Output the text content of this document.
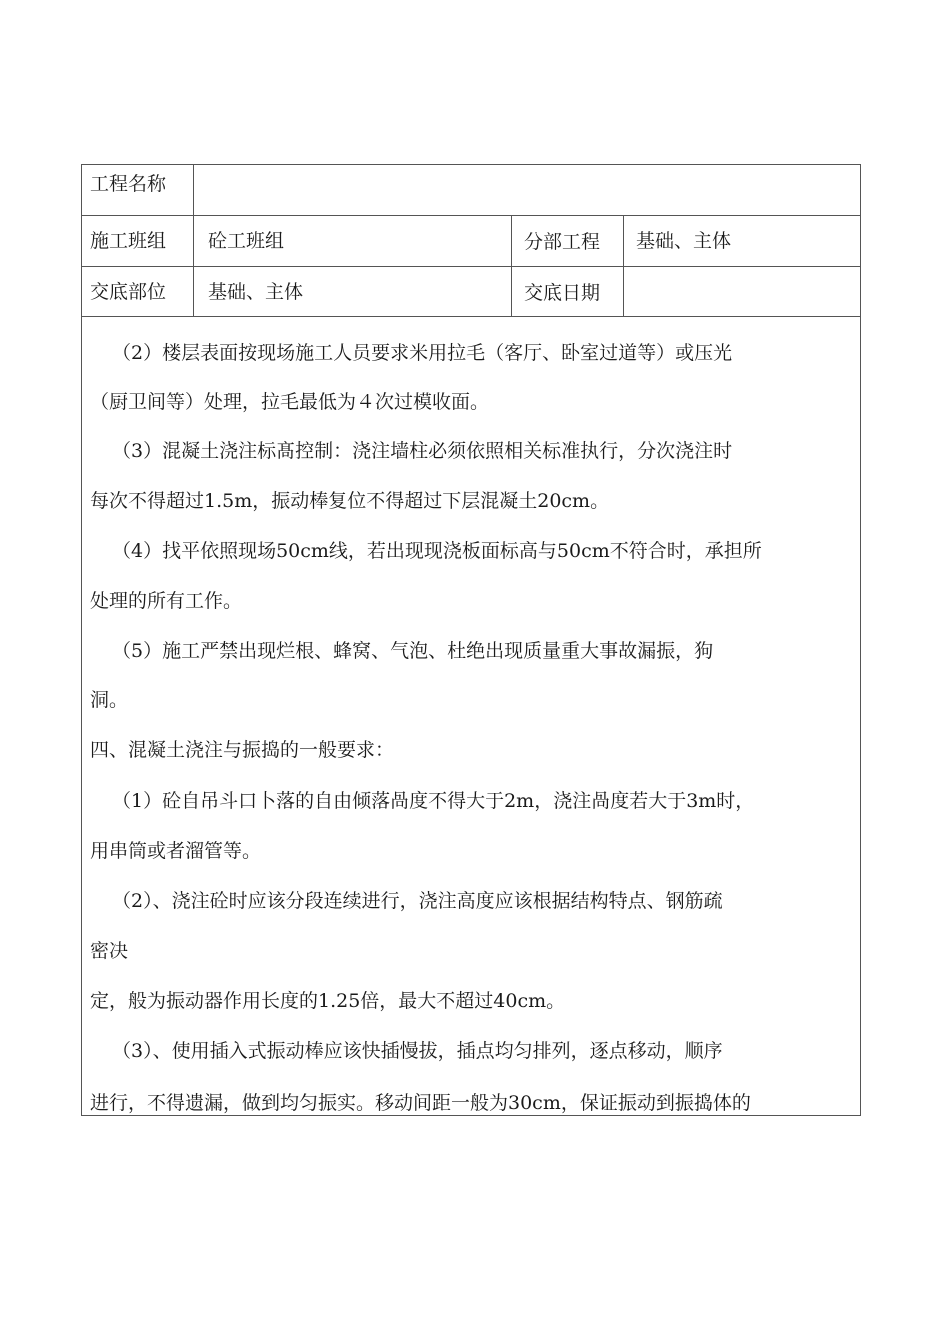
工程名称
施工班组 砼工班组	分部工程 基础、主体
交底部位 基础、主体	交底日期
（2）楼层表面按现场施工人员要求米用拉毛（客厅、卧室过道等）或压光
（厨卫间等）处理，拉毛最低为４次过模收面。
（3）混凝土浇注标髙控制：浇注墙柱必须依照相关标准执行，分次浇注时
每次不得超过1.5m，振动棒复位不得超过下层混凝土20cm。
（4）找平依照现场50cm线，若出现现浇板面标高与50cm不符合时，承担所
处理的所有工作。
（5）施工严禁出现烂根、蜂窝、气泡、杜绝出现质量重大事故漏振，狗
洞。
四、混凝土浇注与振捣的一般要求：
（1）砼自吊斗口卜落的自由倾落咼度不得大于2m，浇注咼度若大于3m时，
用串筒或者溜管等。
（2）、浇注砼时应该分段连续进行，浇注高度应该根据结构特点、钢筋疏
密决
定，般为振动器作用长度的1.25倍，最大不超过40cm。
（3）、使用插入式振动棒应该快插慢拔，插点均匀排列，逐点移动，顺序
进行，不得遗漏，做到均匀振实。移动间距一般为30cm，保证振动到振捣体的
